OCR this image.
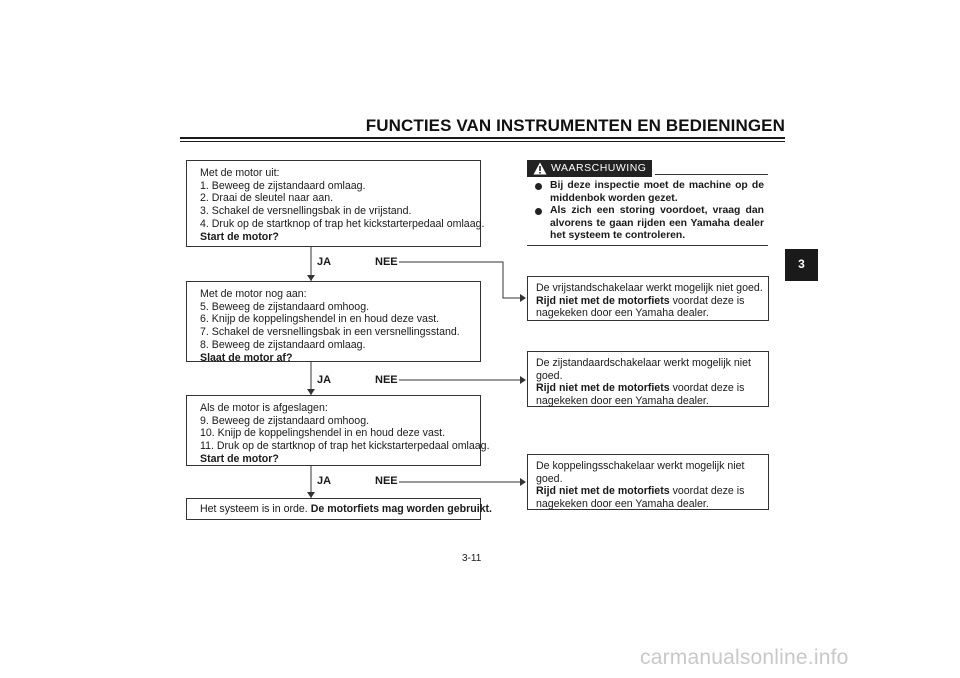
FUNCTIES VAN INSTRUMENTEN EN BEDIENINGEN
Met de motor uit:
1. Beweeg de zijstandaard omlaag.
2. Draai de sleutel naar aan.
3. Schakel de versnellingsbak in de vrijstand.
4. Druk op de startknop of trap het kickstarterpedaal omlaag.
Start de motor?
JA	NEE
Met de motor nog aan:
5. Beweeg de zijstandaard omhoog.
6. Knijp de koppelingshendel in en houd deze vast.
7. Schakel de versnellingsbak in een versnellingsstand.
8. Beweeg de zijstandaard omlaag.
Slaat de motor af?
JA	NEE
Als de motor is afgeslagen:
9. Beweeg de zijstandaard omhoog.
10. Knijp de koppelingshendel in en houd deze vast.
11. Druk op de startknop of trap het kickstarterpedaal omlaag.
Start de motor?
JA	NEE
Het systeem is in orde. De motorfiets mag worden gebruikt.
De vrijstandschakelaar werkt mogelijk niet goed.
Rijd niet met de motorfiets voordat deze is
nagekeken door een Yamaha dealer.
De zijstandaardschakelaar werkt mogelijk niet
goed.
Rijd niet met de motorfiets voordat deze is
nagekeken door een Yamaha dealer.
De koppelingsschakelaar werkt mogelijk niet
goed.
Rijd niet met de motorfiets voordat deze is
nagekeken door een Yamaha dealer.
WAARSCHUWING
Bij deze inspectie moet de machine op de middenbok worden gezet.
Als zich een storing voordoet, vraag dan alvorens te gaan rijden een Yamaha dealer het systeem te controleren.
3
3-11
carmanualsonline.info
